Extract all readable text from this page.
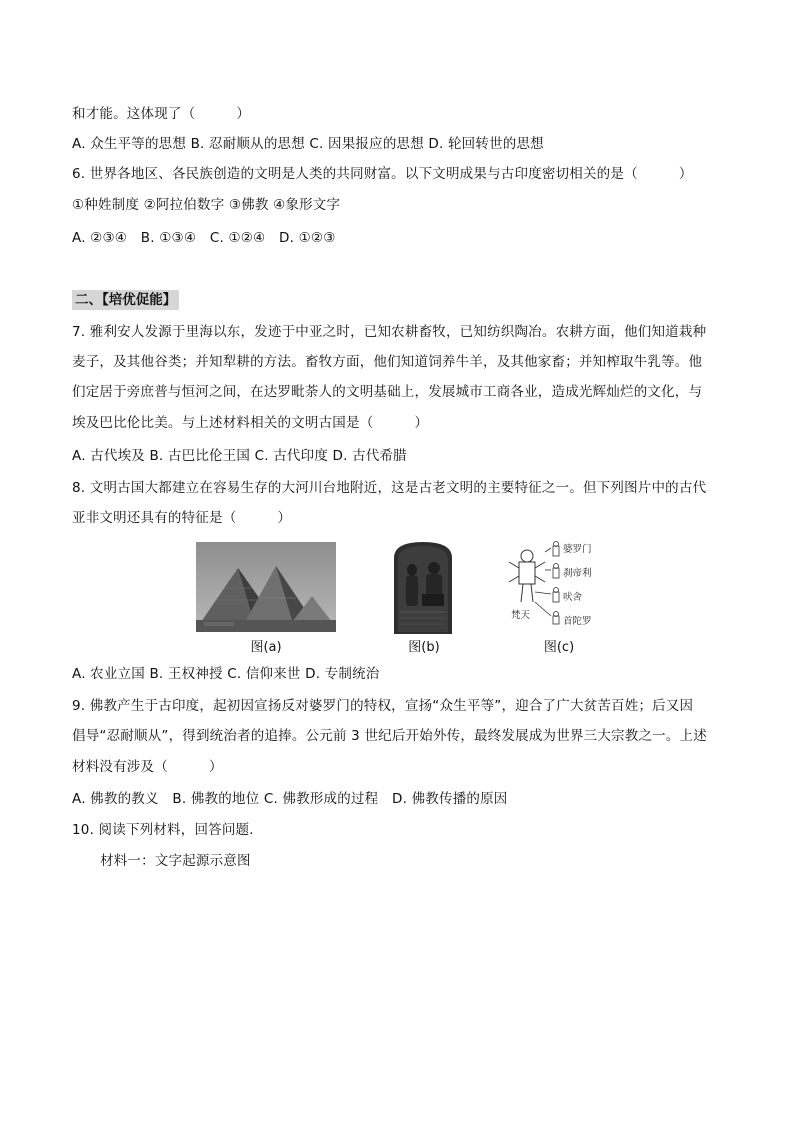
和才能。这体现了（　　　）
A. 众生平等的思想 B. 忍耐顺从的思想 C. 因果报应的思想 D. 轮回转世的思想
6. 世界各地区、各民族创造的文明是人类的共同财富。以下文明成果与古印度密切相关的是（　　　）
①种姓制度 ②阿拉伯数字 ③佛教 ④象形文字
A. ②③④　B. ①③④　C. ①②④　D. ①②③
二、【培优促能】
7. 雅利安人发源于里海以东，发迹于中亚之时，已知农耕畜牧，已知纺织陶冶。农耕方面，他们知道栽种
麦子，及其他谷类；并知犁耕的方法。畜牧方面，他们知道饲养牛羊，及其他家畜；并知榨取牛乳等。他
们定居于旁庶普与恒河之间，在达罗毗荼人的文明基础上，发展城市工商各业，造成光辉灿烂的文化，与
埃及巴比伦比美。与上述材料相关的文明古国是（　　　）
A. 古代埃及 B. 古巴比伦王国 C. 古代印度 D. 古代希腊
8. 文明古国大都建立在容易生存的大河川台地附近，这是古老文明的主要特征之一。但下列图片中的古代
亚非文明还具有的特征是（　　　）
图(a)	图(b)
婆罗门
刹帝利
吠舍
首陀罗
梵天
图(c)
A. 农业立国 B. 王权神授 C. 信仰来世 D. 专制统治
9. 佛教产生于古印度，起初因宣扬反对婆罗门的特权，宣扬“众生平等”，迎合了广大贫苦百姓；后又因
倡导“忍耐顺从”，得到统治者的追捧。公元前 3 世纪后开始外传，最终发展成为世界三大宗教之一。上述
材料没有涉及（　　　）
A. 佛教的教义　B. 佛教的地位 C. 佛教形成的过程　D. 佛教传播的原因
10. 阅读下列材料，回答问题.
材料一：文字起源示意图
